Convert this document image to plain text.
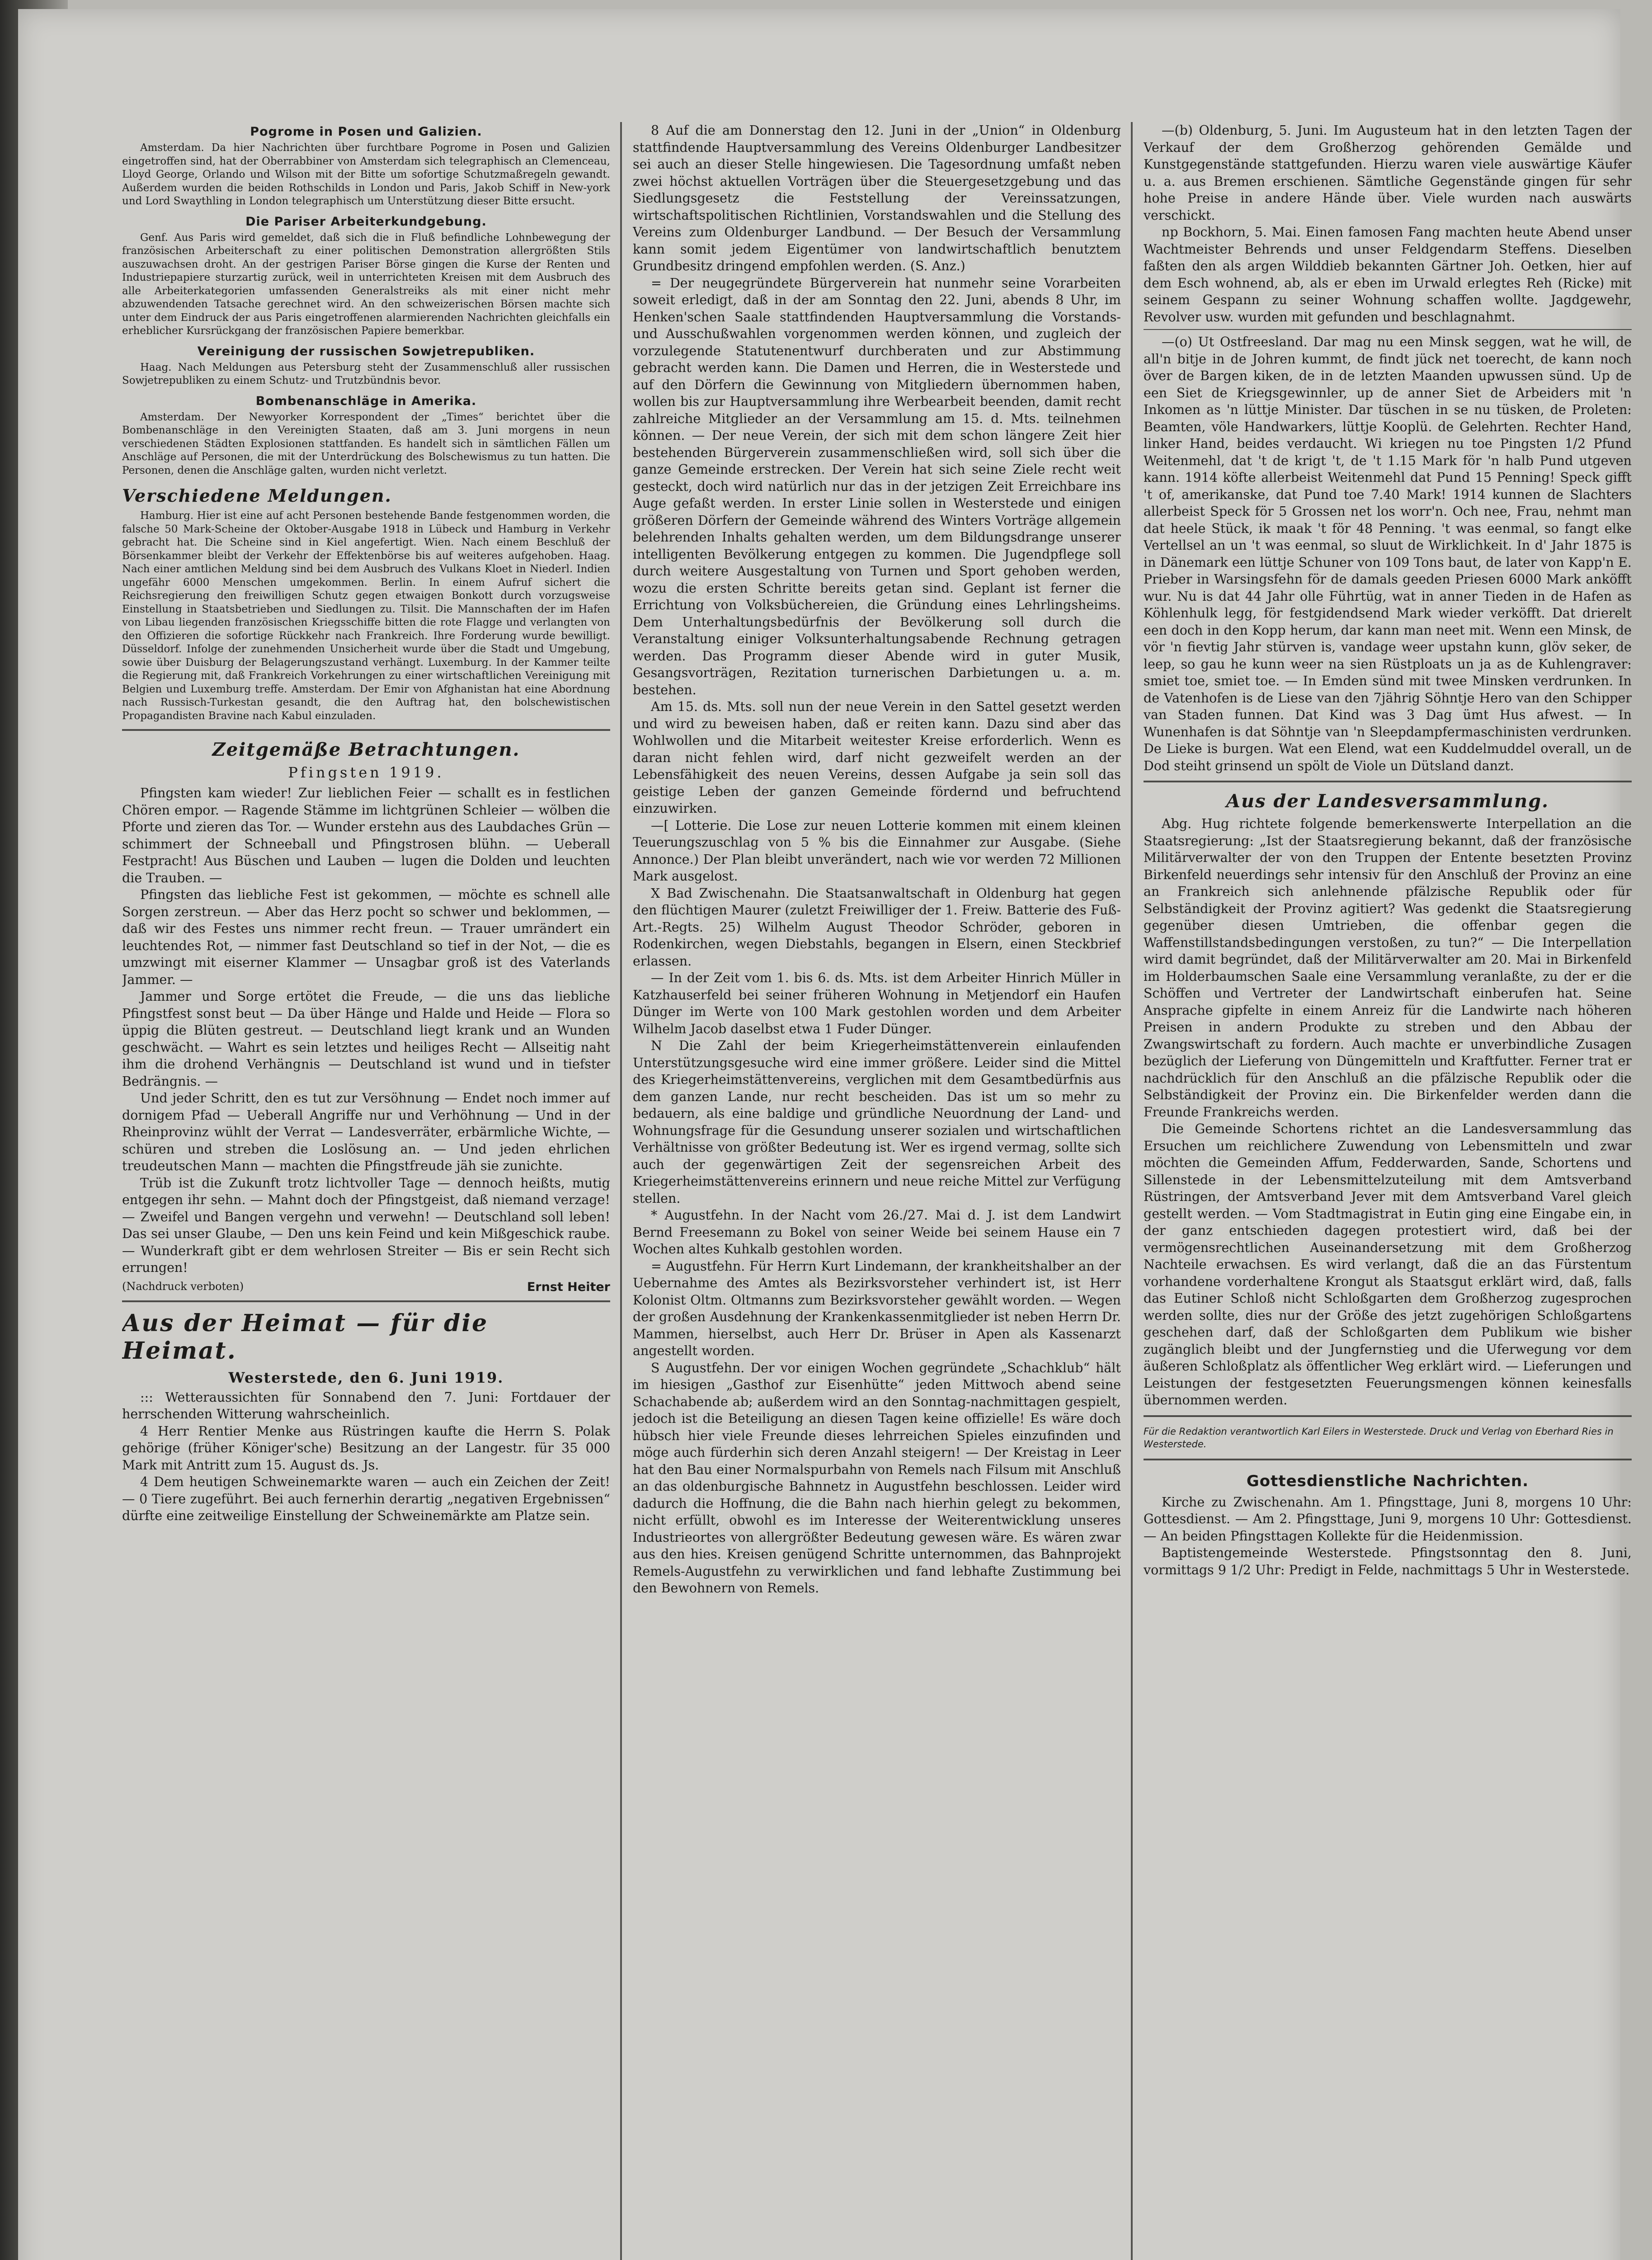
Pogrome in Posen und Galizien.

Amsterdam. Da hier Nachrichten über furchtbare Pogrome in Posen und Galizien eingetroffen sind, hat der Oberrabbiner von Amsterdam sich telegraphisch an Clemenceau, Lloyd George, Orlando und Wilson mit der Bitte um sofortige Schutzmaßregeln gewandt. Außerdem wurden die beiden Rothschilds in London und Paris, Jakob Schiff in New-york und Lord Swaythling in London telegraphisch um Unterstützung dieser Bitte ersucht.

Die Pariser Arbeiterkundgebung.

Genf. Aus Paris wird gemeldet, daß sich die in Fluß befindliche Lohnbewegung der französischen Arbeiterschaft zu einer politischen Demonstration allergrößten Stils auszuwachsen droht. An der gestrigen Pariser Börse gingen die Kurse der Renten und Industriepapiere sturzartig zurück, weil in unterrichteten Kreisen mit dem Ausbruch des alle Arbeiterkategorien umfassenden Generalstreiks als mit einer nicht mehr abzuwendenden Tatsache gerechnet wird. An den schweizerischen Börsen machte sich unter dem Eindruck der aus Paris eingetroffenen alarmierenden Nachrichten gleichfalls ein erheblicher Kursrückgang der französischen Papiere bemerkbar.

Vereinigung der russischen Sowjetrepubliken.

Haag. Nach Meldungen aus Petersburg steht der Zusammenschluß aller russischen Sowjetrepubliken zu einem Schutz- und Trutzbündnis bevor.

Bombenanschläge in Amerika.

Amsterdam. Der Newyorker Korrespondent der „Times“ berichtet über die Bombenanschläge in den Vereinigten Staaten, daß am 3. Juni morgens in neun verschiedenen Städten Explosionen stattfanden. Es handelt sich in sämtlichen Fällen um Anschläge auf Personen, die mit der Unterdrückung des Bolschewismus zu tun hatten. Die Personen, denen die Anschläge galten, wurden nicht verletzt.

Verschiedene Meldungen.

Hamburg. Hier ist eine auf acht Personen bestehende Bande festgenommen worden, die falsche 50 Mark-Scheine der Oktober-Ausgabe 1918 in Lübeck und Hamburg in Verkehr gebracht hat. Die Scheine sind in Kiel angefertigt. Wien. Nach einem Beschluß der Börsenkammer bleibt der Verkehr der Effektenbörse bis auf weiteres aufgehoben. Haag. Nach einer amtlichen Meldung sind bei dem Ausbruch des Vulkans Kloet in Niederl. Indien ungefähr 6000 Menschen umgekommen. Berlin. In einem Aufruf sichert die Reichsregierung den freiwilligen Schutz gegen etwaigen Bonkott durch vorzugsweise Einstellung in Staatsbetrieben und Siedlungen zu. Tilsit. Die Mannschaften der im Hafen von Libau liegenden französischen Kriegsschiffe bitten die rote Flagge und verlangten von den Offizieren die sofortige Rückkehr nach Frankreich. Ihre Forderung wurde bewilligt. Düsseldorf. Infolge der zunehmenden Unsicherheit wurde über die Stadt und Umgebung, sowie über Duisburg der Belagerungszustand verhängt. Luxemburg. In der Kammer teilte die Regierung mit, daß Frankreich Vorkehrungen zu einer wirtschaftlichen Vereinigung mit Belgien und Luxemburg treffe. Amsterdam. Der Emir von Afghanistan hat eine Abordnung nach Russisch-Turkestan gesandt, die den Auftrag hat, den bolschewistischen Propagandisten Bravine nach Kabul einzuladen.

Zeitgemäße Betrachtungen.
Pfingsten 1919.

Pfingsten kam wieder! Zur lieblichen Feier — schallt es in festlichen Chören empor. — Ragende Stämme im lichtgrünen Schleier — wölben die Pforte und zieren das Tor. — Wunder erstehn aus des Laubdaches Grün — schimmert der Schneeball und Pfingstrosen blühn. — Ueberall Festpracht! Aus Büschen und Lauben — lugen die Dolden und leuchten die Trauben. —

Pfingsten das liebliche Fest ist gekommen, — möchte es schnell alle Sorgen zerstreun. — Aber das Herz pocht so schwer und beklommen, — daß wir des Festes uns nimmer recht freun. — Trauer umrändert ein leuchtendes Rot, — nimmer fast Deutschland so tief in der Not, — die es umzwingt mit eiserner Klammer — Unsagbar groß ist des Vaterlands Jammer. —

Jammer und Sorge ertötet die Freude, — die uns das liebliche Pfingstfest sonst beut — Da über Hänge und Halde und Heide — Flora so üppig die Blüten gestreut. — Deutschland liegt krank und an Wunden geschwächt. — Wahrt es sein letztes und heiliges Recht — Allseitig naht ihm die drohend Verhängnis — Deutschland ist wund und in tiefster Bedrängnis. —

Und jeder Schritt, den es tut zur Versöhnung — Endet noch immer auf dornigem Pfad — Ueberall Angriffe nur und Verhöhnung — Und in der Rheinprovinz wühlt der Verrat — Landesverräter, erbärmliche Wichte, — schüren und streben die Loslösung an. — Und jeden ehrlichen treudeutschen Mann — machten die Pfingstfreude jäh sie zunichte.

Trüb ist die Zukunft trotz lichtvoller Tage — dennoch heißts, mutig entgegen ihr sehn. — Mahnt doch der Pfingstgeist, daß niemand verzage! — Zweifel und Bangen vergehn und verwehn! — Deutschland soll leben! Das sei unser Glaube, — Den uns kein Feind und kein Mißgeschick raube. — Wunderkraft gibt er dem wehrlosen Streiter — Bis er sein Recht sich errungen!

(Nachdruck verboten)	Ernst Heiter
Aus der Heimat — für die Heimat.
Westerstede, den 6. Juni 1919.

::: Wetteraussichten für Sonnabend den 7. Juni: Fortdauer der herrschenden Witterung wahrscheinlich.

4 Herr Rentier Menke aus Rüstringen kaufte die Herrn S. Polak gehörige (früher Königer'sche) Besitzung an der Langestr. für 35 000 Mark mit Antritt zum 15. August ds. Js.

4 Dem heutigen Schweinemarkte waren — auch ein Zeichen der Zeit! — 0 Tiere zugeführt. Bei auch fernerhin derartig „negativen Ergebnissen“ dürfte eine zeitweilige Einstellung der Schweinemärkte am Platze sein.

8 Auf die am Donnerstag den 12. Juni in der „Union“ in Oldenburg stattfindende Hauptversammlung des Vereins Oldenburger Landbesitzer sei auch an dieser Stelle hingewiesen. Die Tagesordnung umfaßt neben zwei höchst aktuellen Vorträgen über die Steuergesetzgebung und das Siedlungsgesetz die Feststellung der Vereinssatzungen, wirtschaftspolitischen Richtlinien, Vorstandswahlen und die Stellung des Vereins zum Oldenburger Landbund. — Der Besuch der Versammlung kann somit jedem Eigentümer von landwirtschaftlich benutztem Grundbesitz dringend empfohlen werden. (S. Anz.)

= Der neugegründete Bürgerverein hat nunmehr seine Vorarbeiten soweit erledigt, daß in der am Sonntag den 22. Juni, abends 8 Uhr, im Henken'schen Saale stattfindenden Hauptversammlung die Vorstands- und Ausschußwahlen vorgenommen werden können, und zugleich der vorzulegende Statutenentwurf durchberaten und zur Abstimmung gebracht werden kann. Die Damen und Herren, die in Westerstede und auf den Dörfern die Gewinnung von Mitgliedern übernommen haben, wollen bis zur Hauptversammlung ihre Werbearbeit beenden, damit recht zahlreiche Mitglieder an der Versammlung am 15. d. Mts. teilnehmen können. — Der neue Verein, der sich mit dem schon längere Zeit hier bestehenden Bürgerverein zusammenschließen wird, soll sich über die ganze Gemeinde erstrecken. Der Verein hat sich seine Ziele recht weit gesteckt, doch wird natürlich nur das in der jetzigen Zeit Erreichbare ins Auge gefaßt werden. In erster Linie sollen in Westerstede und einigen größeren Dörfern der Gemeinde während des Winters Vorträge allgemein belehrenden Inhalts gehalten werden, um dem Bildungsdrange unserer intelligenten Bevölkerung entgegen zu kommen. Die Jugendpflege soll durch weitere Ausgestaltung von Turnen und Sport gehoben werden, wozu die ersten Schritte bereits getan sind. Geplant ist ferner die Errichtung von Volksbüchereien, die Gründung eines Lehrlingsheims. Dem Unterhaltungsbedürfnis der Bevölkerung soll durch die Veranstaltung einiger Volksunterhaltungsabende Rechnung getragen werden. Das Programm dieser Abende wird in guter Musik, Gesangsvorträgen, Rezitation turnerischen Darbietungen u. a. m. bestehen.

Am 15. ds. Mts. soll nun der neue Verein in den Sattel gesetzt werden und wird zu beweisen haben, daß er reiten kann. Dazu sind aber das Wohlwollen und die Mitarbeit weitester Kreise erforderlich. Wenn es daran nicht fehlen wird, darf nicht gezweifelt werden an der Lebensfähigkeit des neuen Vereins, dessen Aufgabe ja sein soll das geistige Leben der ganzen Gemeinde fördernd und befruchtend einzuwirken.

—[ Lotterie. Die Lose zur neuen Lotterie kommen mit einem kleinen Teuerungszuschlag von 5 % bis die Einnahmer zur Ausgabe. (Siehe Annonce.) Der Plan bleibt unverändert, nach wie vor werden 72 Millionen Mark ausgelost.

X Bad Zwischenahn. Die Staatsanwaltschaft in Oldenburg hat gegen den flüchtigen Maurer (zuletzt Freiwilliger der 1. Freiw. Batterie des Fuß-Art.-Regts. 25) Wilhelm August Theodor Schröder, geboren in Rodenkirchen, wegen Diebstahls, begangen in Elsern, einen Steckbrief erlassen.

— In der Zeit vom 1. bis 6. ds. Mts. ist dem Arbeiter Hinrich Müller in Katzhauserfeld bei seiner früheren Wohnung in Metjendorf ein Haufen Dünger im Werte von 100 Mark gestohlen worden und dem Arbeiter Wilhelm Jacob daselbst etwa 1 Fuder Dünger.

N Die Zahl der beim Kriegerheimstättenverein einlaufenden Unterstützungsgesuche wird eine immer größere. Leider sind die Mittel des Kriegerheimstättenvereins, verglichen mit dem Gesamtbedürfnis aus dem ganzen Lande, nur recht bescheiden. Das ist um so mehr zu bedauern, als eine baldige und gründliche Neuordnung der Land- und Wohnungsfrage für die Gesundung unserer sozialen und wirtschaftlichen Verhältnisse von größter Bedeutung ist. Wer es irgend vermag, sollte sich auch der gegenwärtigen Zeit der segensreichen Arbeit des Kriegerheimstättenvereins erinnern und neue reiche Mittel zur Verfügung stellen.

* Augustfehn. In der Nacht vom 26./27. Mai d. J. ist dem Landwirt Bernd Freesemann zu Bokel von seiner Weide bei seinem Hause ein 7 Wochen altes Kuhkalb gestohlen worden.

= Augustfehn. Für Herrn Kurt Lindemann, der krankheitshalber an der Uebernahme des Amtes als Bezirksvorsteher verhindert ist, ist Herr Kolonist Oltm. Oltmanns zum Bezirksvorsteher gewählt worden. — Wegen der großen Ausdehnung der Krankenkassenmitglieder ist neben Herrn Dr. Mammen, hierselbst, auch Herr Dr. Brüser in Apen als Kassenarzt angestellt worden.

S Augustfehn. Der vor einigen Wochen gegründete „Schachklub“ hält im hiesigen „Gasthof zur Eisenhütte“ jeden Mittwoch abend seine Schachabende ab; außerdem wird an den Sonntag-nachmittagen gespielt, jedoch ist die Beteiligung an diesen Tagen keine offizielle! Es wäre doch hübsch hier viele Freunde dieses lehrreichen Spieles einzufinden und möge auch fürderhin sich deren Anzahl steigern! — Der Kreistag in Leer hat den Bau einer Normalspurbahn von Remels nach Filsum mit Anschluß an das oldenburgische Bahnnetz in Augustfehn beschlossen. Leider wird dadurch die Hoffnung, die die Bahn nach hierhin gelegt zu bekommen, nicht erfüllt, obwohl es im Interesse der Weiterentwicklung unseres Industrieortes von allergrößter Bedeutung gewesen wäre. Es wären zwar aus den hies. Kreisen genügend Schritte unternommen, das Bahnprojekt Remels-Augustfehn zu verwirklichen und fand lebhafte Zustimmung bei den Bewohnern von Remels.

—(b) Oldenburg, 5. Juni. Im Augusteum hat in den letzten Tagen der Verkauf der dem Großherzog gehörenden Gemälde und Kunstgegenstände stattgefunden. Hierzu waren viele auswärtige Käufer u. a. aus Bremen erschienen. Sämtliche Gegenstände gingen für sehr hohe Preise in andere Hände über. Viele wurden nach auswärts verschickt.

np Bockhorn, 5. Mai. Einen famosen Fang machten heute Abend unser Wachtmeister Behrends und unser Feldgendarm Steffens. Dieselben faßten den als argen Wilddieb bekannten Gärtner Joh. Oetken, hier auf dem Esch wohnend, ab, als er eben im Urwald erlegtes Reh (Ricke) mit seinem Gespann zu seiner Wohnung schaffen wollte. Jagdgewehr, Revolver usw. wurden mit gefunden und beschlagnahmt.

—(o) Ut Ostfreesland. Dar mag nu een Minsk seggen, wat he will, de all'n bitje in de Johren kummt, de findt jück net toerecht, de kann noch över de Bargen kiken, de in de letzten Maanden upwussen sünd. Up de een Siet de Kriegsgewinnler, up de anner Siet de Arbeiders mit 'n Inkomen as 'n lüttje Minister. Dar tüschen in se nu tüsken, de Proleten: Beamten, völe Handwarkers, lüttje Kooplü. de Gelehrten. Rechter Hand, linker Hand, beides verdaucht. Wi kriegen nu toe Pingsten 1/2 Pfund Weitenmehl, dat 't de krigt 't, de 't 1.15 Mark för 'n halb Pund utgeven kann. 1914 köfte allerbeist Weitenmehl dat Pund 15 Penning! Speck gifft 't of, amerikanske, dat Pund toe 7.40 Mark! 1914 kunnen de Slachters allerbeist Speck för 5 Grossen net los worr'n. Och nee, Frau, nehmt man dat heele Stück, ik maak 't för 48 Penning. 't was eenmal, so fangt elke Vertellsel an un 't was eenmal, so sluut de Wirklichkeit. In d' Jahr 1875 is in Dänemark een lüttje Schuner von 109 Tons baut, de later von Kapp'n E. Prieber in Warsingsfehn för de damals geeden Priesen 6000 Mark anköfft wur. Nu is dat 44 Jahr olle Führtüg, wat in anner Tieden in de Hafen as Köhlenhulk legg, för festgidendsend Mark wieder verköfft. Dat drierelt een doch in den Kopp herum, dar kann man neet mit. Wenn een Minsk, de vör 'n fievtig Jahr stürven is, vandage weer upstahn kunn, glöv seker, de leep, so gau he kunn weer na sien Rüstploats un ja as de Kuhlengraver: smiet toe, smiet toe. — In Emden sünd mit twee Minsken verdrunken. In de Vatenhofen is de Liese van den 7jährig Söhntje Hero van den Schipper van Staden funnen. Dat Kind was 3 Dag ümt Hus afwest. — In Wunenhafen is dat Söhntje van 'n Sleepdampfermaschinisten verdrunken. De Lieke is burgen. Wat een Elend, wat een Kuddelmuddel overall, un de Dod steiht grinsend un spölt de Viole un Dütsland danzt.

Aus der Landesversammlung.

Abg. Hug richtete folgende bemerkenswerte Interpellation an die Staatsregierung: „Ist der Staatsregierung bekannt, daß der französische Militärverwalter der von den Truppen der Entente besetzten Provinz Birkenfeld neuerdings sehr intensiv für den Anschluß der Provinz an eine an Frankreich sich anlehnende pfälzische Republik oder für Selbständigkeit der Provinz agitiert? Was gedenkt die Staatsregierung gegenüber diesen Umtrieben, die offenbar gegen die Waffenstillstandsbedingungen verstoßen, zu tun?“ — Die Interpellation wird damit begründet, daß der Militärverwalter am 20. Mai in Birkenfeld im Holderbaumschen Saale eine Versammlung veranlaßte, zu der er die Schöffen und Vertreter der Landwirtschaft einberufen hat. Seine Ansprache gipfelte in einem Anreiz für die Landwirte nach höheren Preisen in andern Produkte zu streben und den Abbau der Zwangswirtschaft zu fordern. Auch machte er unverbindliche Zusagen bezüglich der Lieferung von Düngemitteln und Kraftfutter. Ferner trat er nachdrücklich für den Anschluß an die pfälzische Republik oder die Selbständigkeit der Provinz ein. Die Birkenfelder werden dann die Freunde Frankreichs werden.

Die Gemeinde Schortens richtet an die Landesversammlung das Ersuchen um reichlichere Zuwendung von Lebensmitteln und zwar möchten die Gemeinden Affum, Fedderwarden, Sande, Schortens und Sillenstede in der Lebensmittelzuteilung mit dem Amtsverband Rüstringen, der Amtsverband Jever mit dem Amtsverband Varel gleich gestellt werden. — Vom Stadtmagistrat in Eutin ging eine Eingabe ein, in der ganz entschieden dagegen protestiert wird, daß bei der vermögensrechtlichen Auseinandersetzung mit dem Großherzog Nachteile erwachsen. Es wird verlangt, daß die an das Fürstentum vorhandene vorderhaltene Krongut als Staatsgut erklärt wird, daß, falls das Eutiner Schloß nicht Schloßgarten dem Großherzog zugesprochen werden sollte, dies nur der Größe des jetzt zugehörigen Schloßgartens geschehen darf, daß der Schloßgarten dem Publikum wie bisher zugänglich bleibt und der Jungfernstieg und die Uferwegung vor dem äußeren Schloßplatz als öffentlicher Weg erklärt wird. — Lieferungen und Leistungen der festgesetzten Feuerungsmengen können keinesfalls übernommen werden.

Für die Redaktion verantwortlich Karl Eilers in Westerstede. Druck und Verlag von Eberhard Ries in Westerstede.
Gottesdienstliche Nachrichten.

Kirche zu Zwischenahn. Am 1. Pfingsttage, Juni 8, morgens 10 Uhr: Gottesdienst. — Am 2. Pfingsttage, Juni 9, morgens 10 Uhr: Gottesdienst. — An beiden Pfingsttagen Kollekte für die Heidenmission.

Baptistengemeinde Westerstede. Pfingstsonntag den 8. Juni, vormittags 9 1/2 Uhr: Predigt in Felde, nachmittags 5 Uhr in Westerstede.
